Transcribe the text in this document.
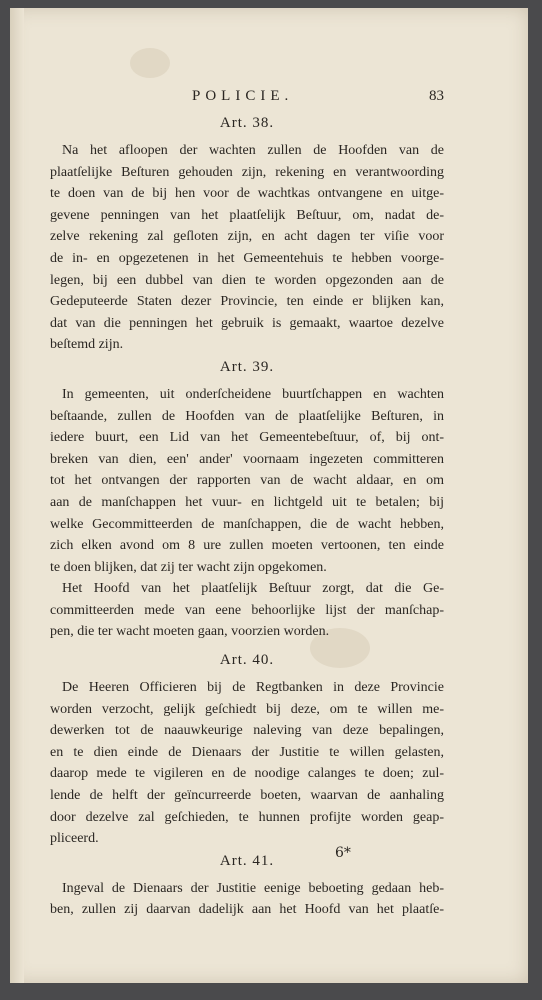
POLICIE.	83
Art. 38.
Na het afloopen der wachten zullen de Hoofden van de
plaatſelijke Beſturen gehouden zijn, rekening en verantwoording
te doen van de bij hen voor de wachtkas ontvangene en uitge-
gevene penningen van het plaatſelijk Beſtuur, om, nadat de-
zelve rekening zal geſloten zijn, en acht dagen ter viſie voor
de in- en opgezetenen in het Gemeentehuis te hebben voorge-
legen, bij een dubbel van dien te worden opgezonden aan de
Gedeputeerde Staten dezer Provincie, ten einde er blijken kan,
dat van die penningen het gebruik is gemaakt, waartoe dezelve
beſtemd zijn.
Art. 39.
In gemeenten, uit onderſcheidene buurtſchappen en wachten
beſtaande, zullen de Hoofden van de plaatſelijke Beſturen, in
iedere buurt, een Lid van het Gemeentebeſtuur, of, bij ont-
breken van dien, een' ander' voornaam ingezeten committeren
tot het ontvangen der rapporten van de wacht aldaar, en om
aan de manſchappen het vuur- en lichtgeld uit te betalen; bij
welke Gecommitteerden de manſchappen, die de wacht hebben,
zich elken avond om 8 ure zullen moeten vertoonen, ten einde
te doen blijken, dat zij ter wacht zijn opgekomen.
Het Hoofd van het plaatſelijk Beſtuur zorgt, dat die Ge-
committeerden mede van eene behoorlijke lijst der manſchap-
pen, die ter wacht moeten gaan, voorzien worden.
Art. 40.
De Heeren Officieren bij de Regtbanken in deze Provincie
worden verzocht, gelijk geſchiedt bij deze, om te willen me-
dewerken tot de naauwkeurige naleving van deze bepalingen,
en te dien einde de Dienaars der Justitie te willen gelasten,
daarop mede te vigileren en de noodige calanges te doen; zul-
lende de helft der geïncurreerde boeten, waarvan de aanhaling
door dezelve zal geſchieden, te hunnen profijte worden geap-
pliceerd.
Art. 41.
Ingeval de Dienaars der Justitie eenige beboeting gedaan heb-
ben, zullen zij daarvan dadelijk aan het Hoofd van het plaatſe-
6*
